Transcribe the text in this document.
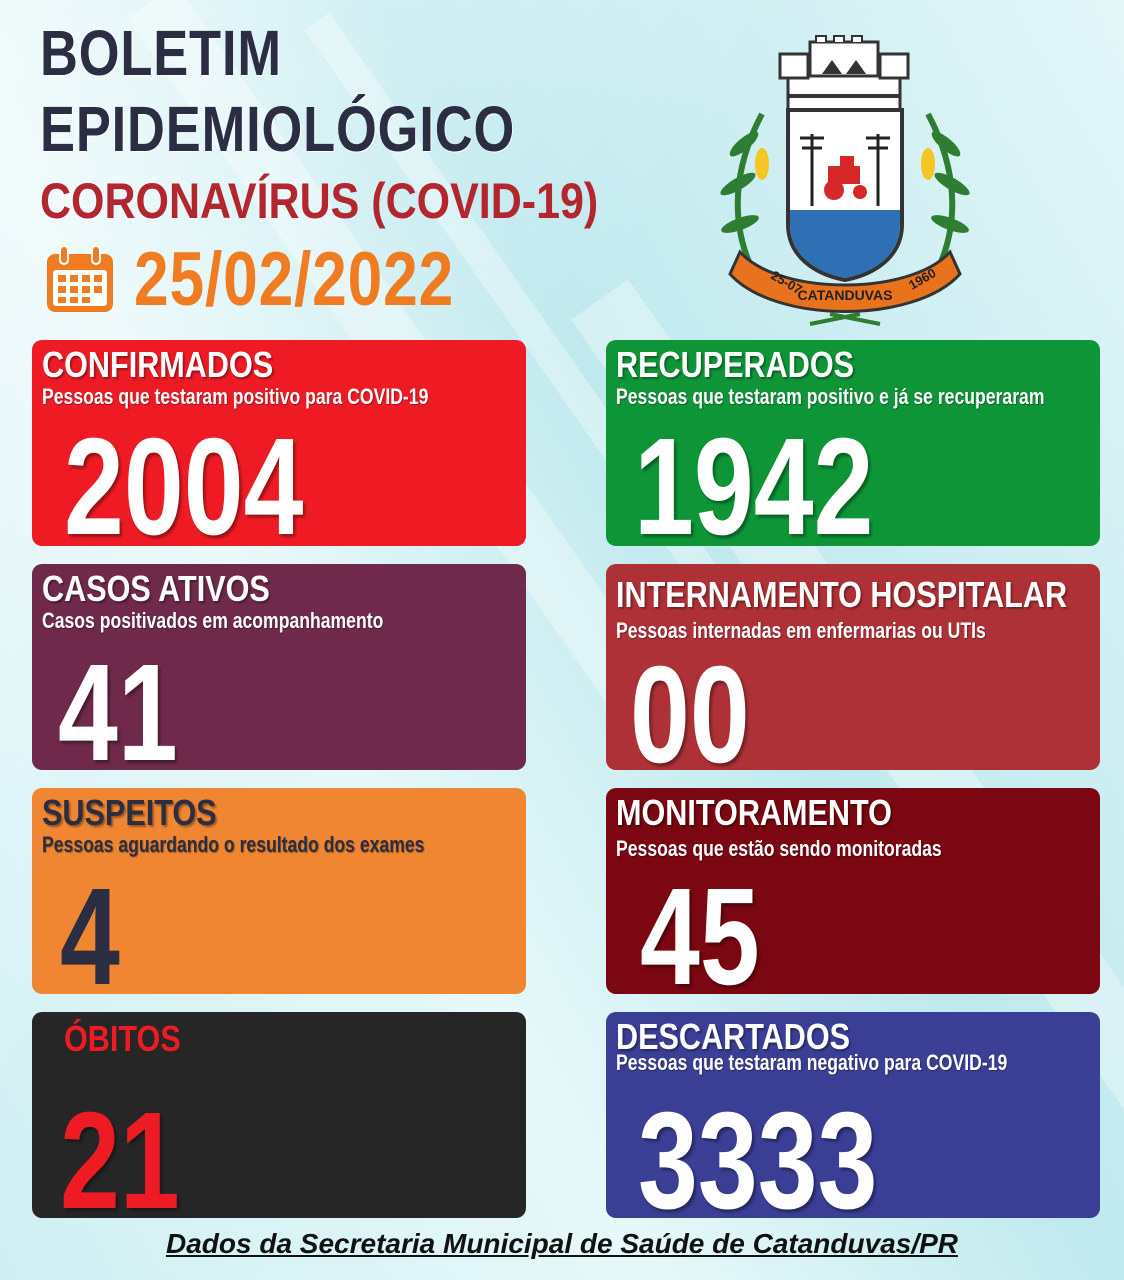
BOLETIM
EPIDEMIOLÓGICO
CORONAVÍRUS (COVID-19)
25/02/2022	25-07	1960
CATANDUVAS
CONFIRMADOS
Pessoas que testaram positivo para COVID-19
2004
RECUPERADOS
Pessoas que testaram positivo e já se recuperaram
1942
CASOS ATIVOS
Casos positivados em acompanhamento
41
INTERNAMENTO HOSPITALAR
Pessoas internadas em enfermarias ou UTIs
00
SUSPEITOS
Pessoas aguardando o resultado dos exames
4
MONITORAMENTO
Pessoas que estão sendo monitoradas
45
ÓBITOS
21
DESCARTADOS
Pessoas que testaram negativo para COVID-19
3333
Dados da Secretaria Municipal de Saúde de Catanduvas/PR
